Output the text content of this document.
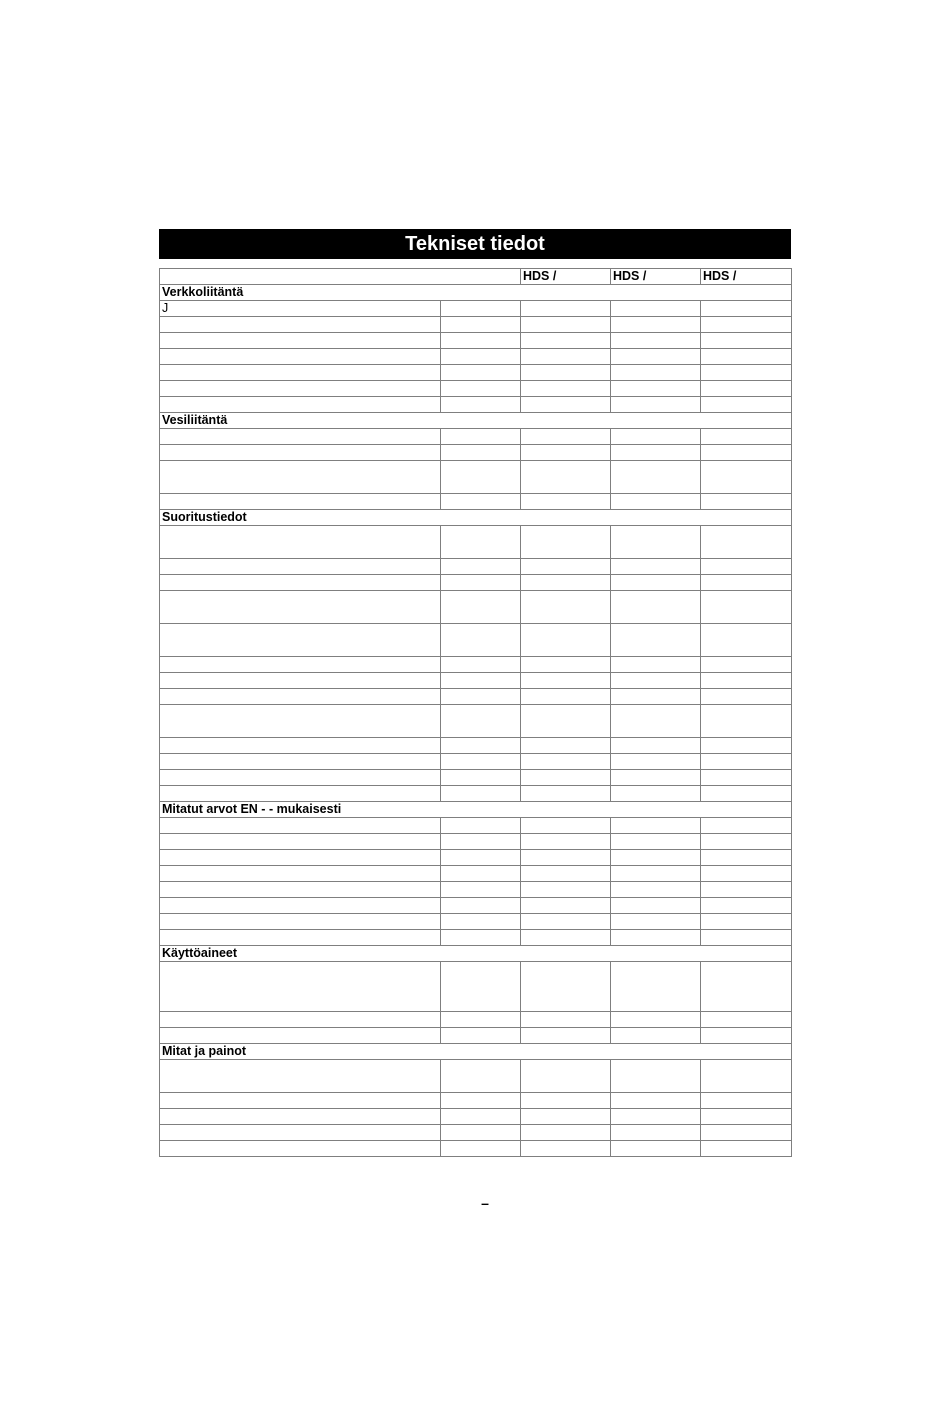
Tekniset tiedot
		HDS /	HDS /	HDS /
Verkkoliitäntä				
J				

Vesiliitäntä				

Suoritustiedot				

Mitatut arvot EN - - mukaisesti				

Käyttöaineet				

Mitat ja painot				

–
